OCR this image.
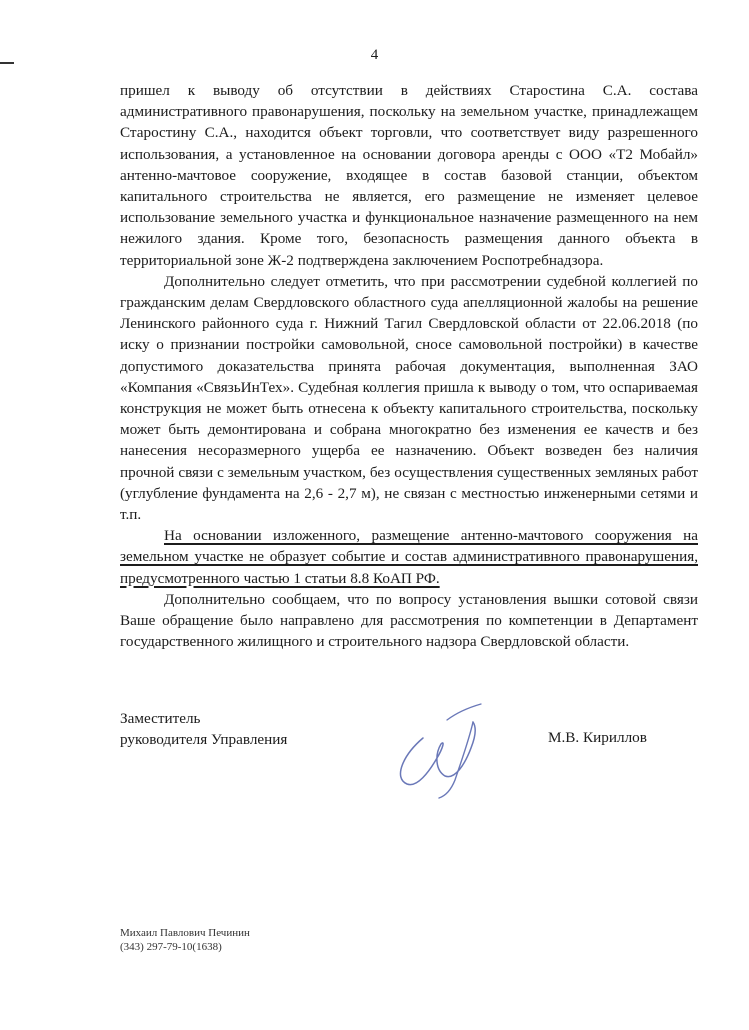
4

пришел к выводу об отсутствии в действиях Старостина С.А. состава административного правонарушения, поскольку на земельном участке, принадлежащем Старостину С.А., находится объект торговли, что соответствует виду разрешенного использования, а установленное на основании договора аренды с ООО «Т2 Мобайл» антенно-мачтовое сооружение, входящее в состав базовой станции, объектом капитального строительства не является, его размещение не изменяет целевое использование земельного участка и функциональное назначение размещенного на нем нежилого здания. Кроме того, безопасность размещения данного объекта в территориальной зоне Ж-2 подтверждена заключением Роспотребнадзора.

Дополнительно следует отметить, что при рассмотрении судебной коллегией по гражданским делам Свердловского областного суда апелляционной жалобы на решение Ленинского районного суда г. Нижний Тагил Свердловской области от 22.06.2018 (по иску о признании постройки самовольной, сносе самовольной постройки) в качестве допустимого доказательства принята рабочая документация, выполненная ЗАО «Компания «СвязьИнТех». Судебная коллегия пришла к выводу о том, что оспариваемая конструкция не может быть отнесена к объекту капитального строительства, поскольку может быть демонтирована и собрана многократно без изменения ее качеств и без нанесения несоразмерного ущерба ее назначению. Объект возведен без наличия прочной связи с земельным участком, без осуществления существенных земляных работ (углубление фундамента на 2,6 - 2,7 м), не связан с местностью инженерными сетями и т.п.

На основании изложенного, размещение антенно-мачтового сооружения на земельном участке не образует событие и состав административного правонарушения, предусмотренного частью 1 статьи 8.8 КоАП РФ.

Дополнительно сообщаем, что по вопросу установления вышки сотовой связи Ваше обращение было направлено для рассмотрения по компетенции в Департамент государственного жилищного и строительного надзора Свердловской области.

Заместитель
руководителя Управления	М.В. Кириллов
Михаил Павлович Печинин
(343) 297-79-10(1638)
